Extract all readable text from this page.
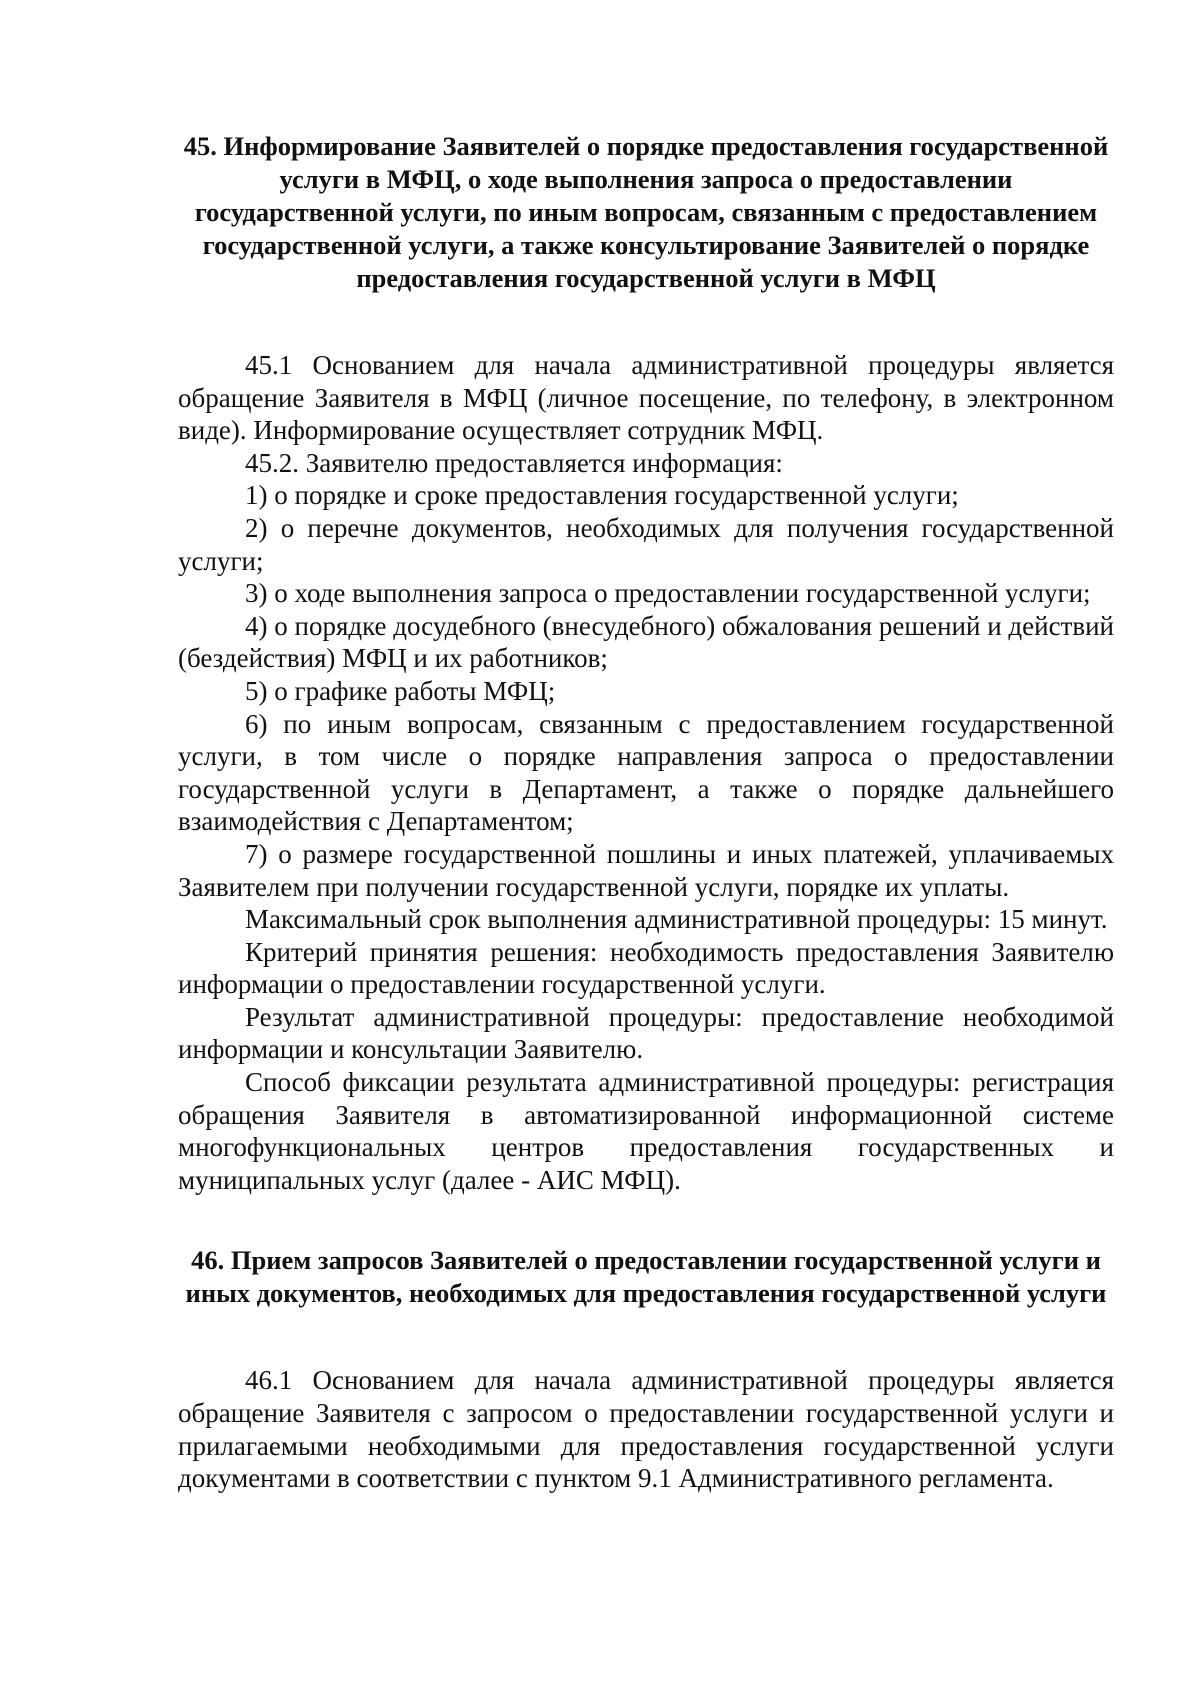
45. Информирование Заявителей о порядке предоставления государственной услуги в МФЦ, о ходе выполнения запроса о предоставлении государственной услуги, по иным вопросам, связанным с предоставлением государственной услуги, а также консультирование Заявителей о порядке предоставления государственной услуги в МФЦ

45.1 Основанием для начала административной процедуры является обращение Заявителя в МФЦ (личное посещение, по телефону, в электронном виде). Информирование осуществляет сотрудник МФЦ.

45.2. Заявителю предоставляется информация:

1) о порядке и сроке предоставления государственной услуги;

2) о перечне документов, необходимых для получения государственной услуги;

3) о ходе выполнения запроса о предоставлении государственной услуги;

4) о порядке досудебного (внесудебного) обжалования решений и действий (бездействия) МФЦ и их работников;

5) о графике работы МФЦ;

6) по иным вопросам, связанным с предоставлением государственной услуги, в том числе о порядке направления запроса о предоставлении государственной услуги в Департамент, а также о порядке дальнейшего взаимодействия с Департаментом;

7) о размере государственной пошлины и иных платежей, уплачиваемых Заявителем при получении государственной услуги, порядке их уплаты.

Максимальный срок выполнения административной процедуры: 15 минут.

Критерий принятия решения: необходимость предоставления Заявителю информации о предоставлении государственной услуги.

Результат административной процедуры: предоставление необходимой информации и консультации Заявителю.

Способ фиксации результата административной процедуры: регистрация обращения Заявителя в автоматизированной информационной системе многофункциональных центров предоставления государственных и муниципальных услуг (далее - АИС МФЦ).

46. Прием запросов Заявителей о предоставлении государственной услуги и иных документов, необходимых для предоставления государственной услуги

46.1 Основанием для начала административной процедуры является обращение Заявителя с запросом о предоставлении государственной услуги и прилагаемыми необходимыми для предоставления государственной услуги документами в соответствии с пунктом 9.1 Административного регламента.
